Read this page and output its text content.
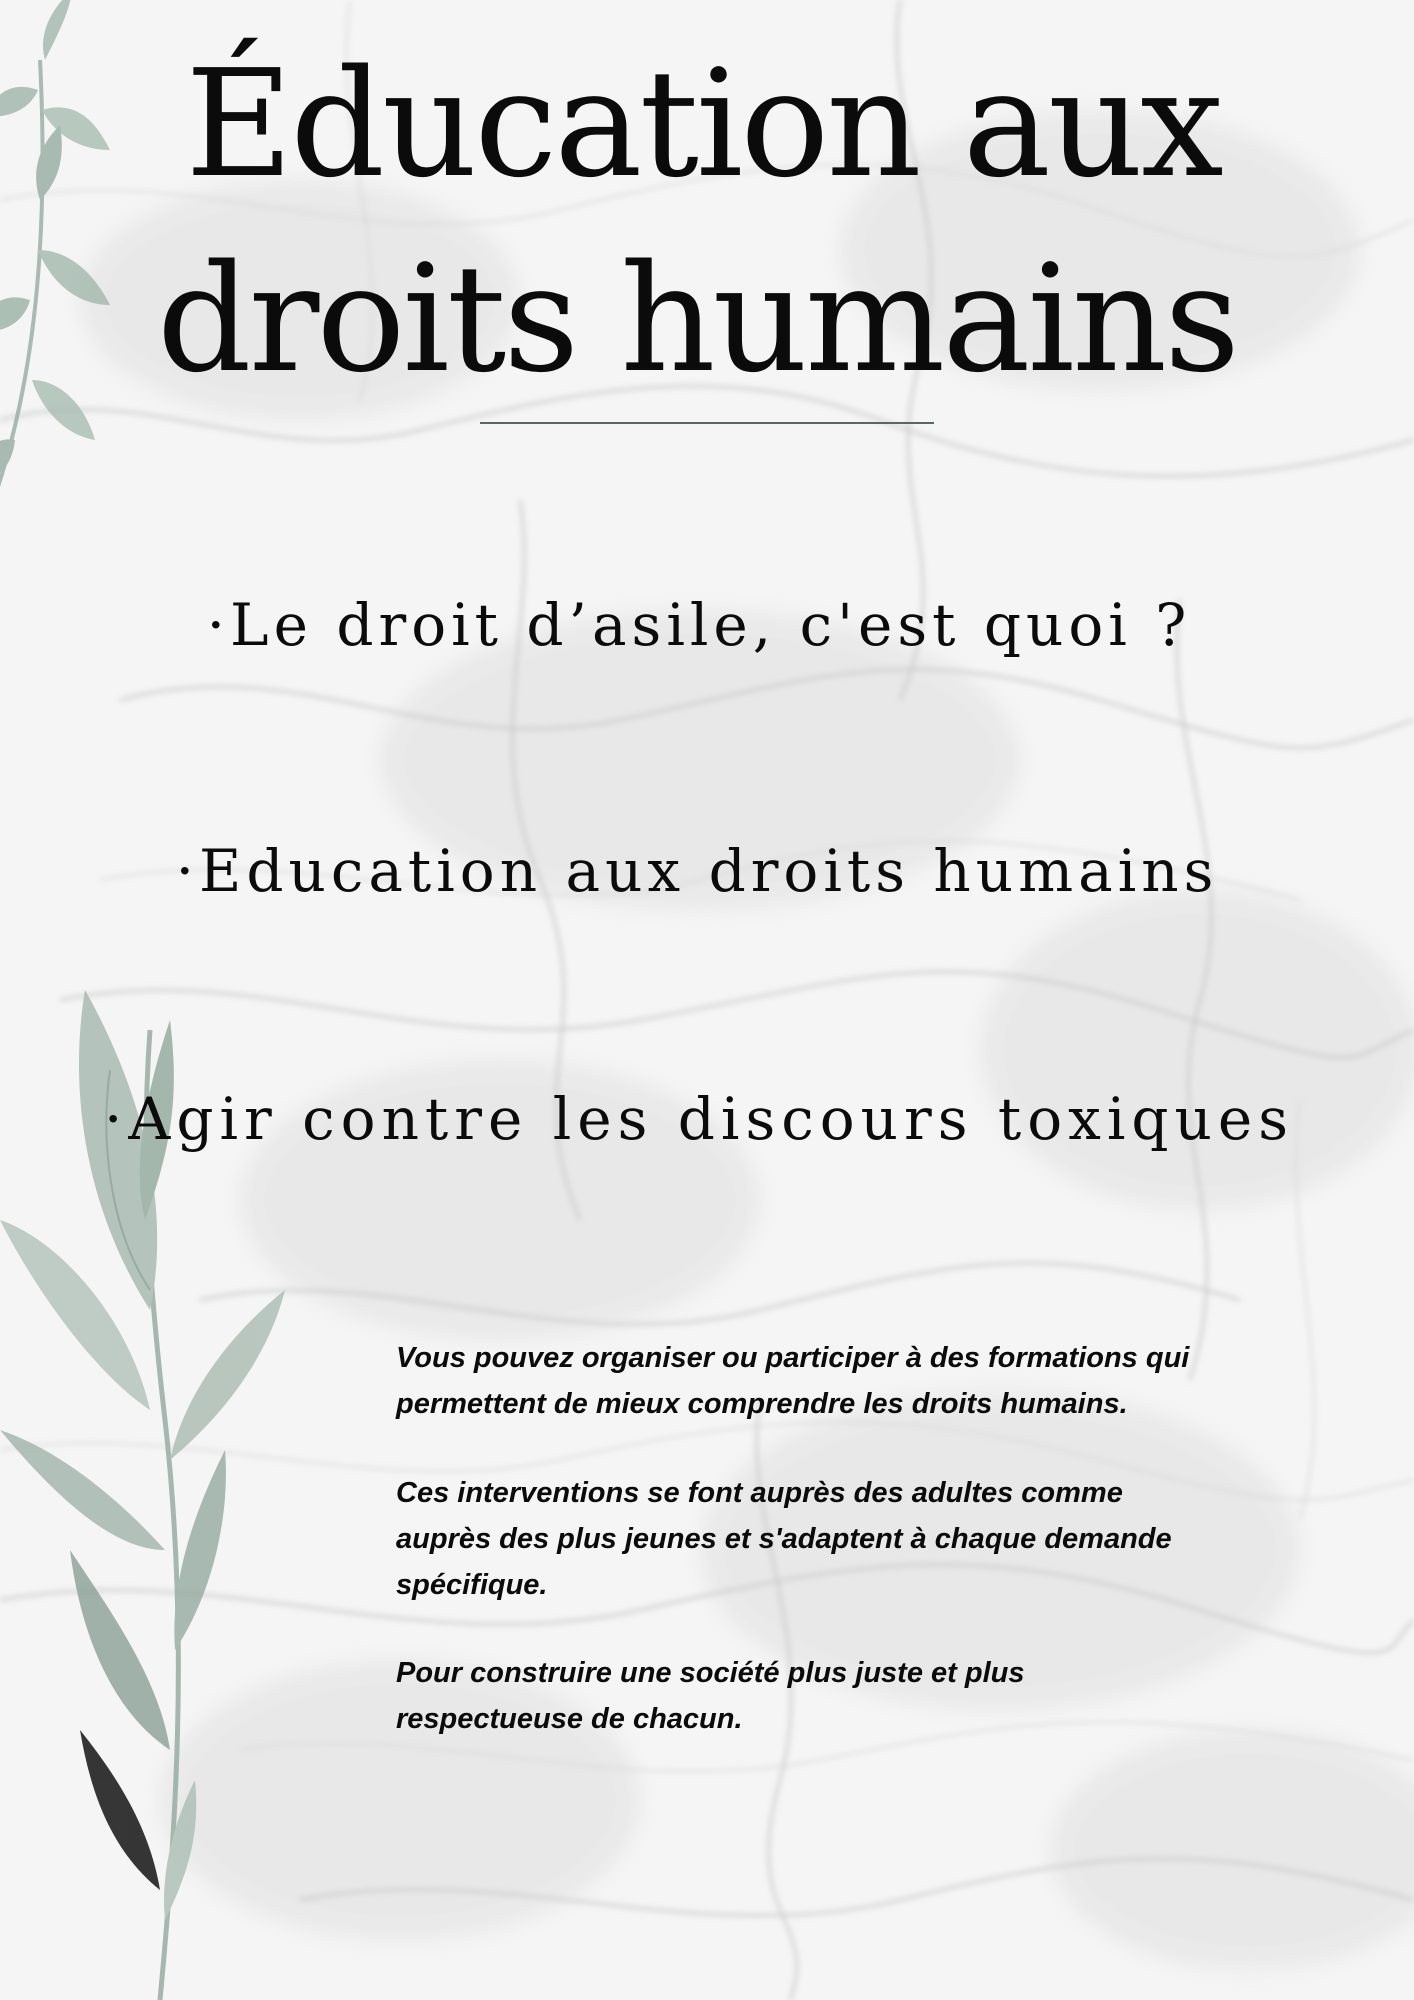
Éducation aux
droits humains
·Le droit d’asile, c'est quoi ?
·Education aux droits humains
·Agir contre les discours toxiques
Vous pouvez organiser ou participer à des formations qui
permettent de mieux comprendre les droits humains.
Ces interventions se font auprès des adultes comme
auprès des plus jeunes et s'adaptent à chaque demande
spécifique.
Pour construire une société plus juste et plus
respectueuse de chacun.
